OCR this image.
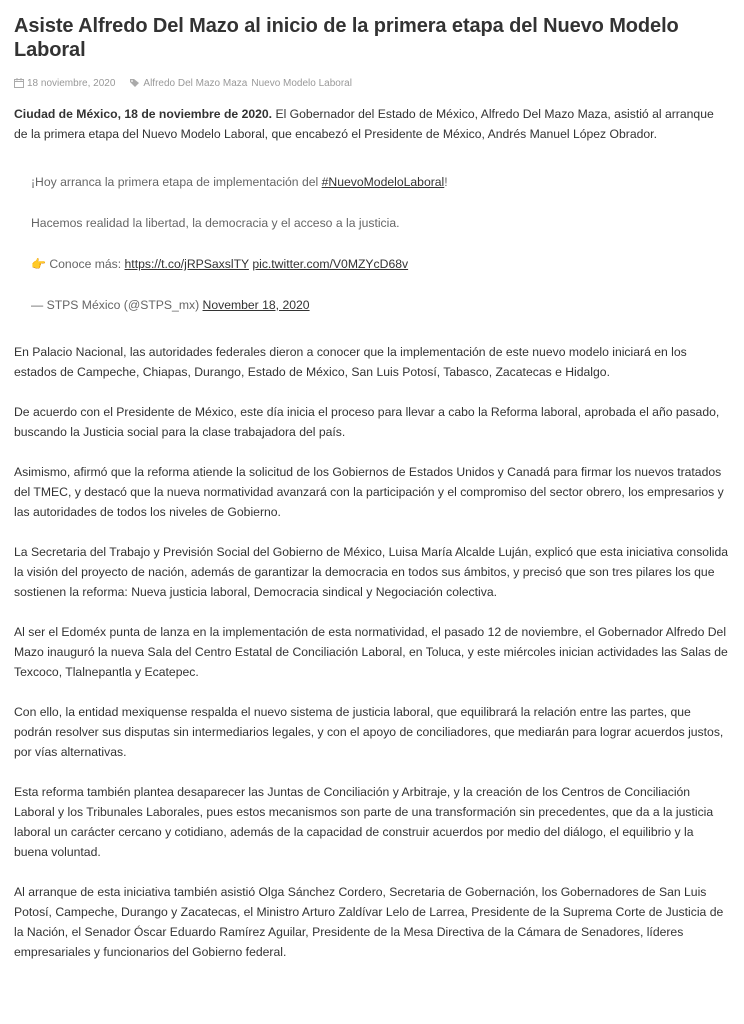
Asiste Alfredo Del Mazo al inicio de la primera etapa del Nuevo Modelo Laboral
18 noviembre, 2020	Alfredo Del Mazo Maza Nuevo Modelo Laboral

Ciudad de México, 18 de noviembre de 2020. El Gobernador del Estado de México, Alfredo Del Mazo Maza, asistió al arranque de la primera etapa del Nuevo Modelo Laboral, que encabezó el Presidente de México, Andrés Manuel López Obrador.

¡Hoy arranca la primera etapa de implementación del #NuevoModeloLaboral!

Hacemos realidad la libertad, la democracia y el acceso a la justicia.

👉 Conoce más: https://t.co/jRPSaxslTY pic.twitter.com/V0MZYcD68v

— STPS México (@STPS_mx) November 18, 2020

En Palacio Nacional, las autoridades federales dieron a conocer que la implementación de este nuevo modelo iniciará en los estados de Campeche, Chiapas, Durango, Estado de México, San Luis Potosí, Tabasco, Zacatecas e Hidalgo.

De acuerdo con el Presidente de México, este día inicia el proceso para llevar a cabo la Reforma laboral, aprobada el año pasado, buscando la Justicia social para la clase trabajadora del país.

Asimismo, afirmó que la reforma atiende la solicitud de los Gobiernos de Estados Unidos y Canadá para firmar los nuevos tratados del TMEC, y destacó que la nueva normatividad avanzará con la participación y el compromiso del sector obrero, los empresarios y las autoridades de todos los niveles de Gobierno.

La Secretaria del Trabajo y Previsión Social del Gobierno de México, Luisa María Alcalde Luján, explicó que esta iniciativa consolida la visión del proyecto de nación, además de garantizar la democracia en todos sus ámbitos, y precisó que son tres pilares los que sostienen la reforma: Nueva justicia laboral, Democracia sindical y Negociación colectiva.

Al ser el Edoméx punta de lanza en la implementación de esta normatividad, el pasado 12 de noviembre, el Gobernador Alfredo Del Mazo inauguró la nueva Sala del Centro Estatal de Conciliación Laboral, en Toluca, y este miércoles inician actividades las Salas de Texcoco, Tlalnepantla y Ecatepec.

Con ello, la entidad mexiquense respalda el nuevo sistema de justicia laboral, que equilibrará la relación entre las partes, que podrán resolver sus disputas sin intermediarios legales, y con el apoyo de conciliadores, que mediarán para lograr acuerdos justos, por vías alternativas.

Esta reforma también plantea desaparecer las Juntas de Conciliación y Arbitraje, y la creación de los Centros de Conciliación Laboral y los Tribunales Laborales, pues estos mecanismos son parte de una transformación sin precedentes, que da a la justicia laboral un carácter cercano y cotidiano, además de la capacidad de construir acuerdos por medio del diálogo, el equilibrio y la buena voluntad.

Al arranque de esta iniciativa también asistió Olga Sánchez Cordero, Secretaria de Gobernación, los Gobernadores de San Luis Potosí, Campeche, Durango y Zacatecas, el Ministro Arturo Zaldívar Lelo de Larrea, Presidente de la Suprema Corte de Justicia de la Nación, el Senador Óscar Eduardo Ramírez Aguilar, Presidente de la Mesa Directiva de la Cámara de Senadores, líderes empresariales y funcionarios del Gobierno federal.
